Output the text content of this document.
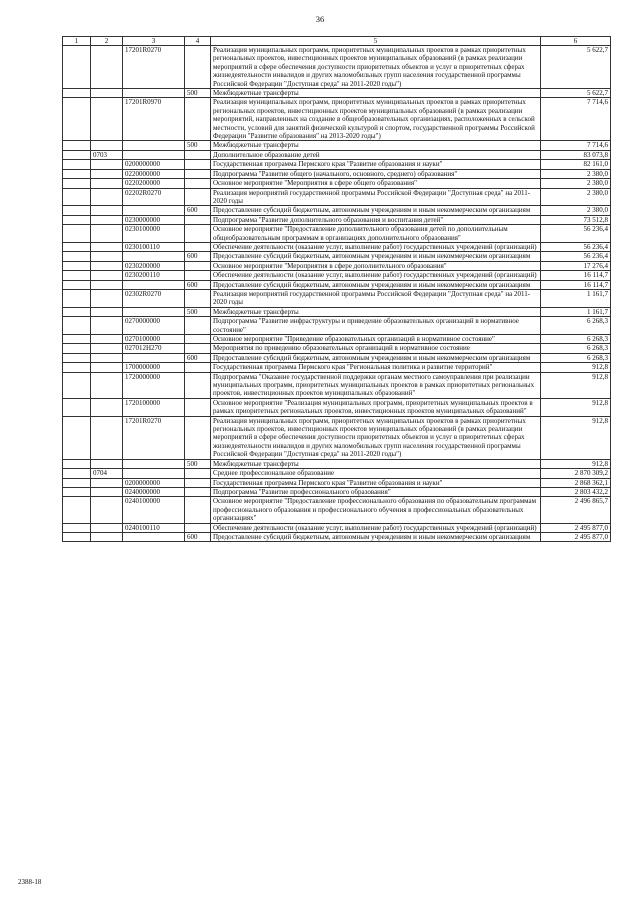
36
1	2	3	4	5	6
		17201R0270		Реализация муниципальных программ, приоритетных муниципальных проектов в рамках приоритетных региональных проектов, инвестиционных проектов муниципальных образований (в рамках реализации мероприятий в сфере обеспечения доступности приоритетных объектов и услуг в приоритетных сферах жизнедеятельности инвалидов и других маломобильных групп населения государственной программы Российской Федерации "Доступная среда" на 2011-2020 годы")	5 622,7
			500	Межбюджетные трансферты	5 622,7
		17201R0970		Реализация муниципальных программ, приоритетных муниципальных проектов в рамках приоритетных региональных проектов, инвестиционных проектов муниципальных образований (в рамках реализации мероприятий, направленных на создание в общеобразовательных организациях, расположенных в сельской местности, условий для занятий физической культурой и спортом, государственной программы Российской Федерации "Развитие образования" на 2013-2020 годы")	7 714,6
			500	Межбюджетные трансферты	7 714,6
	0703			Дополнительное образование детей	83 073,8
		0200000000		Государственная программа Пермского края "Развитие образования и науки"	82 161,0
		0220000000		Подпрограмма "Развитие общего (начального, основного, среднего) образования"	2 380,0
		0220200000		Основное мероприятие "Мероприятия в сфере общего образования"	2 380,0
		02202R0270		Реализация мероприятий государственной программы Российской Федерации "Доступная среда" на 2011-2020 годы	2 380,0
			600	Предоставление субсидий бюджетным, автономным учреждениям и иным некоммерческим организациям	2 380,0
		0230000000		Подпрограмма "Развитие дополнительного образования и воспитания детей"	73 512,8
		0230100000		Основное мероприятие "Предоставление дополнительного образования детей по дополнительным общеобразовательным программам в организациях дополнительного образования"	56 236,4
		0230100110		Обеспечение деятельности (оказание услуг, выполнение работ) государственных учреждений (организаций)	56 236,4
			600	Предоставление субсидий бюджетным, автономным учреждениям и иным некоммерческим организациям	56 236,4
		0230200000		Основное мероприятие "Мероприятия в сфере дополнительного образования"	17 276,4
		0230200110		Обеспечение деятельности (оказание услуг, выполнение работ) государственных учреждений (организаций)	16 114,7
			600	Предоставление субсидий бюджетным, автономным учреждениям и иным некоммерческим организациям	16 114,7
		02302R0270		Реализация мероприятий государственной программы Российской Федерации "Доступная среда" на 2011-2020 годы	1 161,7
			500	Межбюджетные трансферты	1 161,7
		0270000000		Подпрограмма "Развитие инфраструктуры и приведение образовательных организаций в нормативное состояние"	6 268,3
		0270100000		Основное мероприятие "Приведение образовательных организаций в нормативное состояние"	6 268,3
		027012Н270		Мероприятия по приведению образовательных организаций в нормативное состояние	6 268,3
			600	Предоставление субсидий бюджетным, автономным учреждениям и иным некоммерческим организациям	6 268,3
		1700000000		Государственная программа Пермского края "Региональная политика и развитие территорий"	912,8
		1720000000		Подпрограмма "Оказание государственной поддержки органам местного самоуправления при реализации муниципальных программ, приоритетных муниципальных проектов в рамках приоритетных региональных проектов, инвестиционных проектов муниципальных образований"	912,8
		1720100000		Основное мероприятие "Реализация муниципальных программ, приоритетных муниципальных проектов в рамках приоритетных региональных проектов, инвестиционных проектов муниципальных образований"	912,8
		17201R0270		Реализация муниципальных программ, приоритетных муниципальных проектов в рамках приоритетных региональных проектов, инвестиционных проектов муниципальных образований (в рамках реализации мероприятий в сфере обеспечения доступности приоритетных объектов и услуг в приоритетных сферах жизнедеятельности инвалидов и других маломобильных групп населения государственной программы Российской Федерации "Доступная среда" на 2011-2020 годы")	912,8
			500	Межбюджетные трансферты	912,8
	0704			Среднее профессиональное образование	2 870 309,2
		0200000000		Государственная программа Пермского края "Развитие образования и науки"	2 868 362,1
		0240000000		Подпрограмма "Развитие профессионального образования"	2 803 432,2
		0240100000		Основное мероприятие "Предоставление профессионального образования по образовательным программам профессионального образования и профессионального обучения в профессиональных образовательных организациях"	2 496 865,7
		0240100110		Обеспечение деятельности (оказание услуг, выполнение работ) государственных учреждений (организаций)	2 495 877,0
			600	Предоставление субсидий бюджетным, автономным учреждениям и иным некоммерческим организациям	2 495 877,0
2388-18
